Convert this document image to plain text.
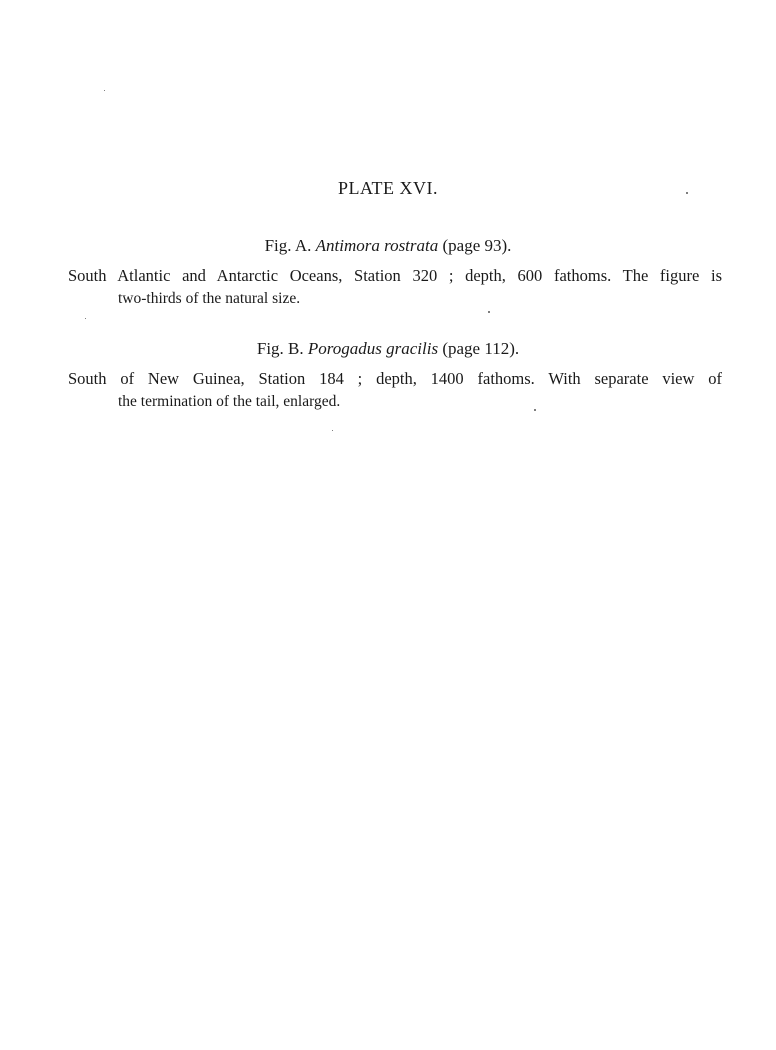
PLATE XVI.
Fig. A. Antimora rostrata (page 93).
South Atlantic and Antarctic Oceans, Station 320 ; depth, 600 fathoms. The figure is
two-thirds of the natural size.
Fig. B. Porogadus gracilis (page 112).
South of New Guinea, Station 184 ; depth, 1400 fathoms. With separate view of
the termination of the tail, enlarged.
